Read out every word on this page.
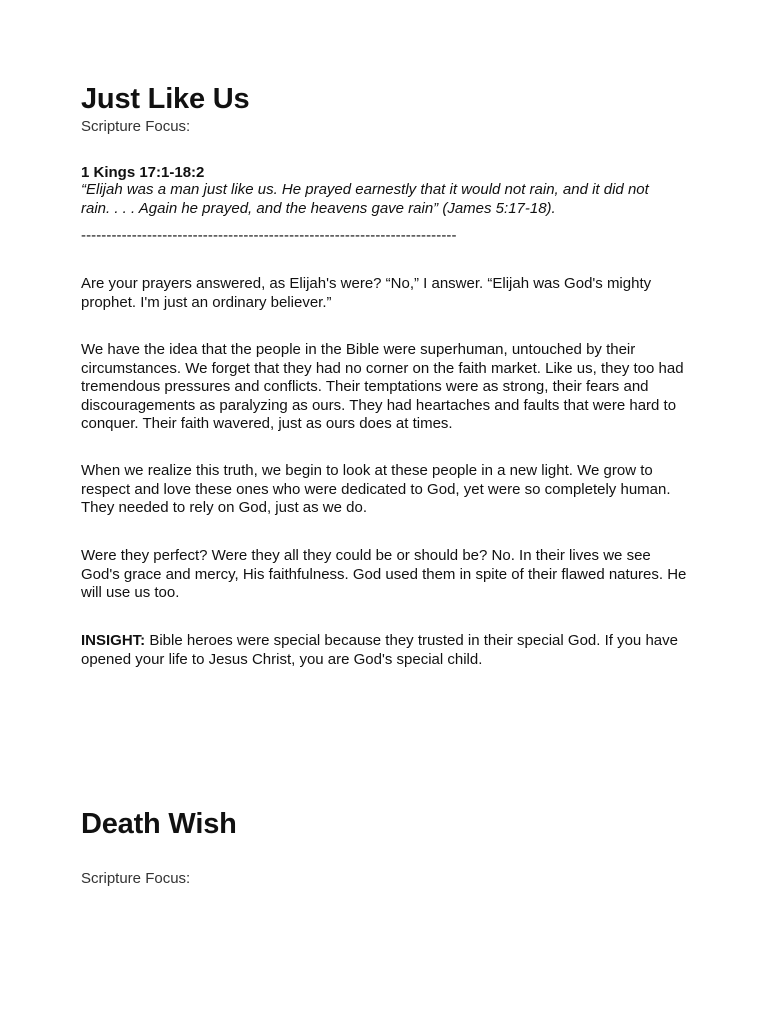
Just Like Us

Scripture Focus:

1 Kings 17:1-18:2

“Elijah was a man just like us. He prayed earnestly that it would not rain, and it did not rain. . . . Again he prayed, and the heavens gave rain” (James 5:17-18).

--------------------------------------------------------------------------

Are your prayers answered, as Elijah's were? “No,” I answer. “Elijah was God's mighty prophet. I'm just an ordinary believer.”

We have the idea that the people in the Bible were superhuman, untouched by their circumstances. We forget that they had no corner on the faith market. Like us, they too had tremendous pressures and conflicts. Their temptations were as strong, their fears and discouragements as paralyzing as ours. They had heartaches and faults that were hard to conquer. Their faith wavered, just as ours does at times.

When we realize this truth, we begin to look at these people in a new light. We grow to respect and love these ones who were dedicated to God, yet were so completely human. They needed to rely on God, just as we do.

Were they perfect? Were they all they could be or should be? No. In their lives we see God's grace and mercy, His faithfulness. God used them in spite of their flawed natures. He will use us too.

INSIGHT: Bible heroes were special because they trusted in their special God. If you have opened your life to Jesus Christ, you are God's special child.

Death Wish

Scripture Focus:
